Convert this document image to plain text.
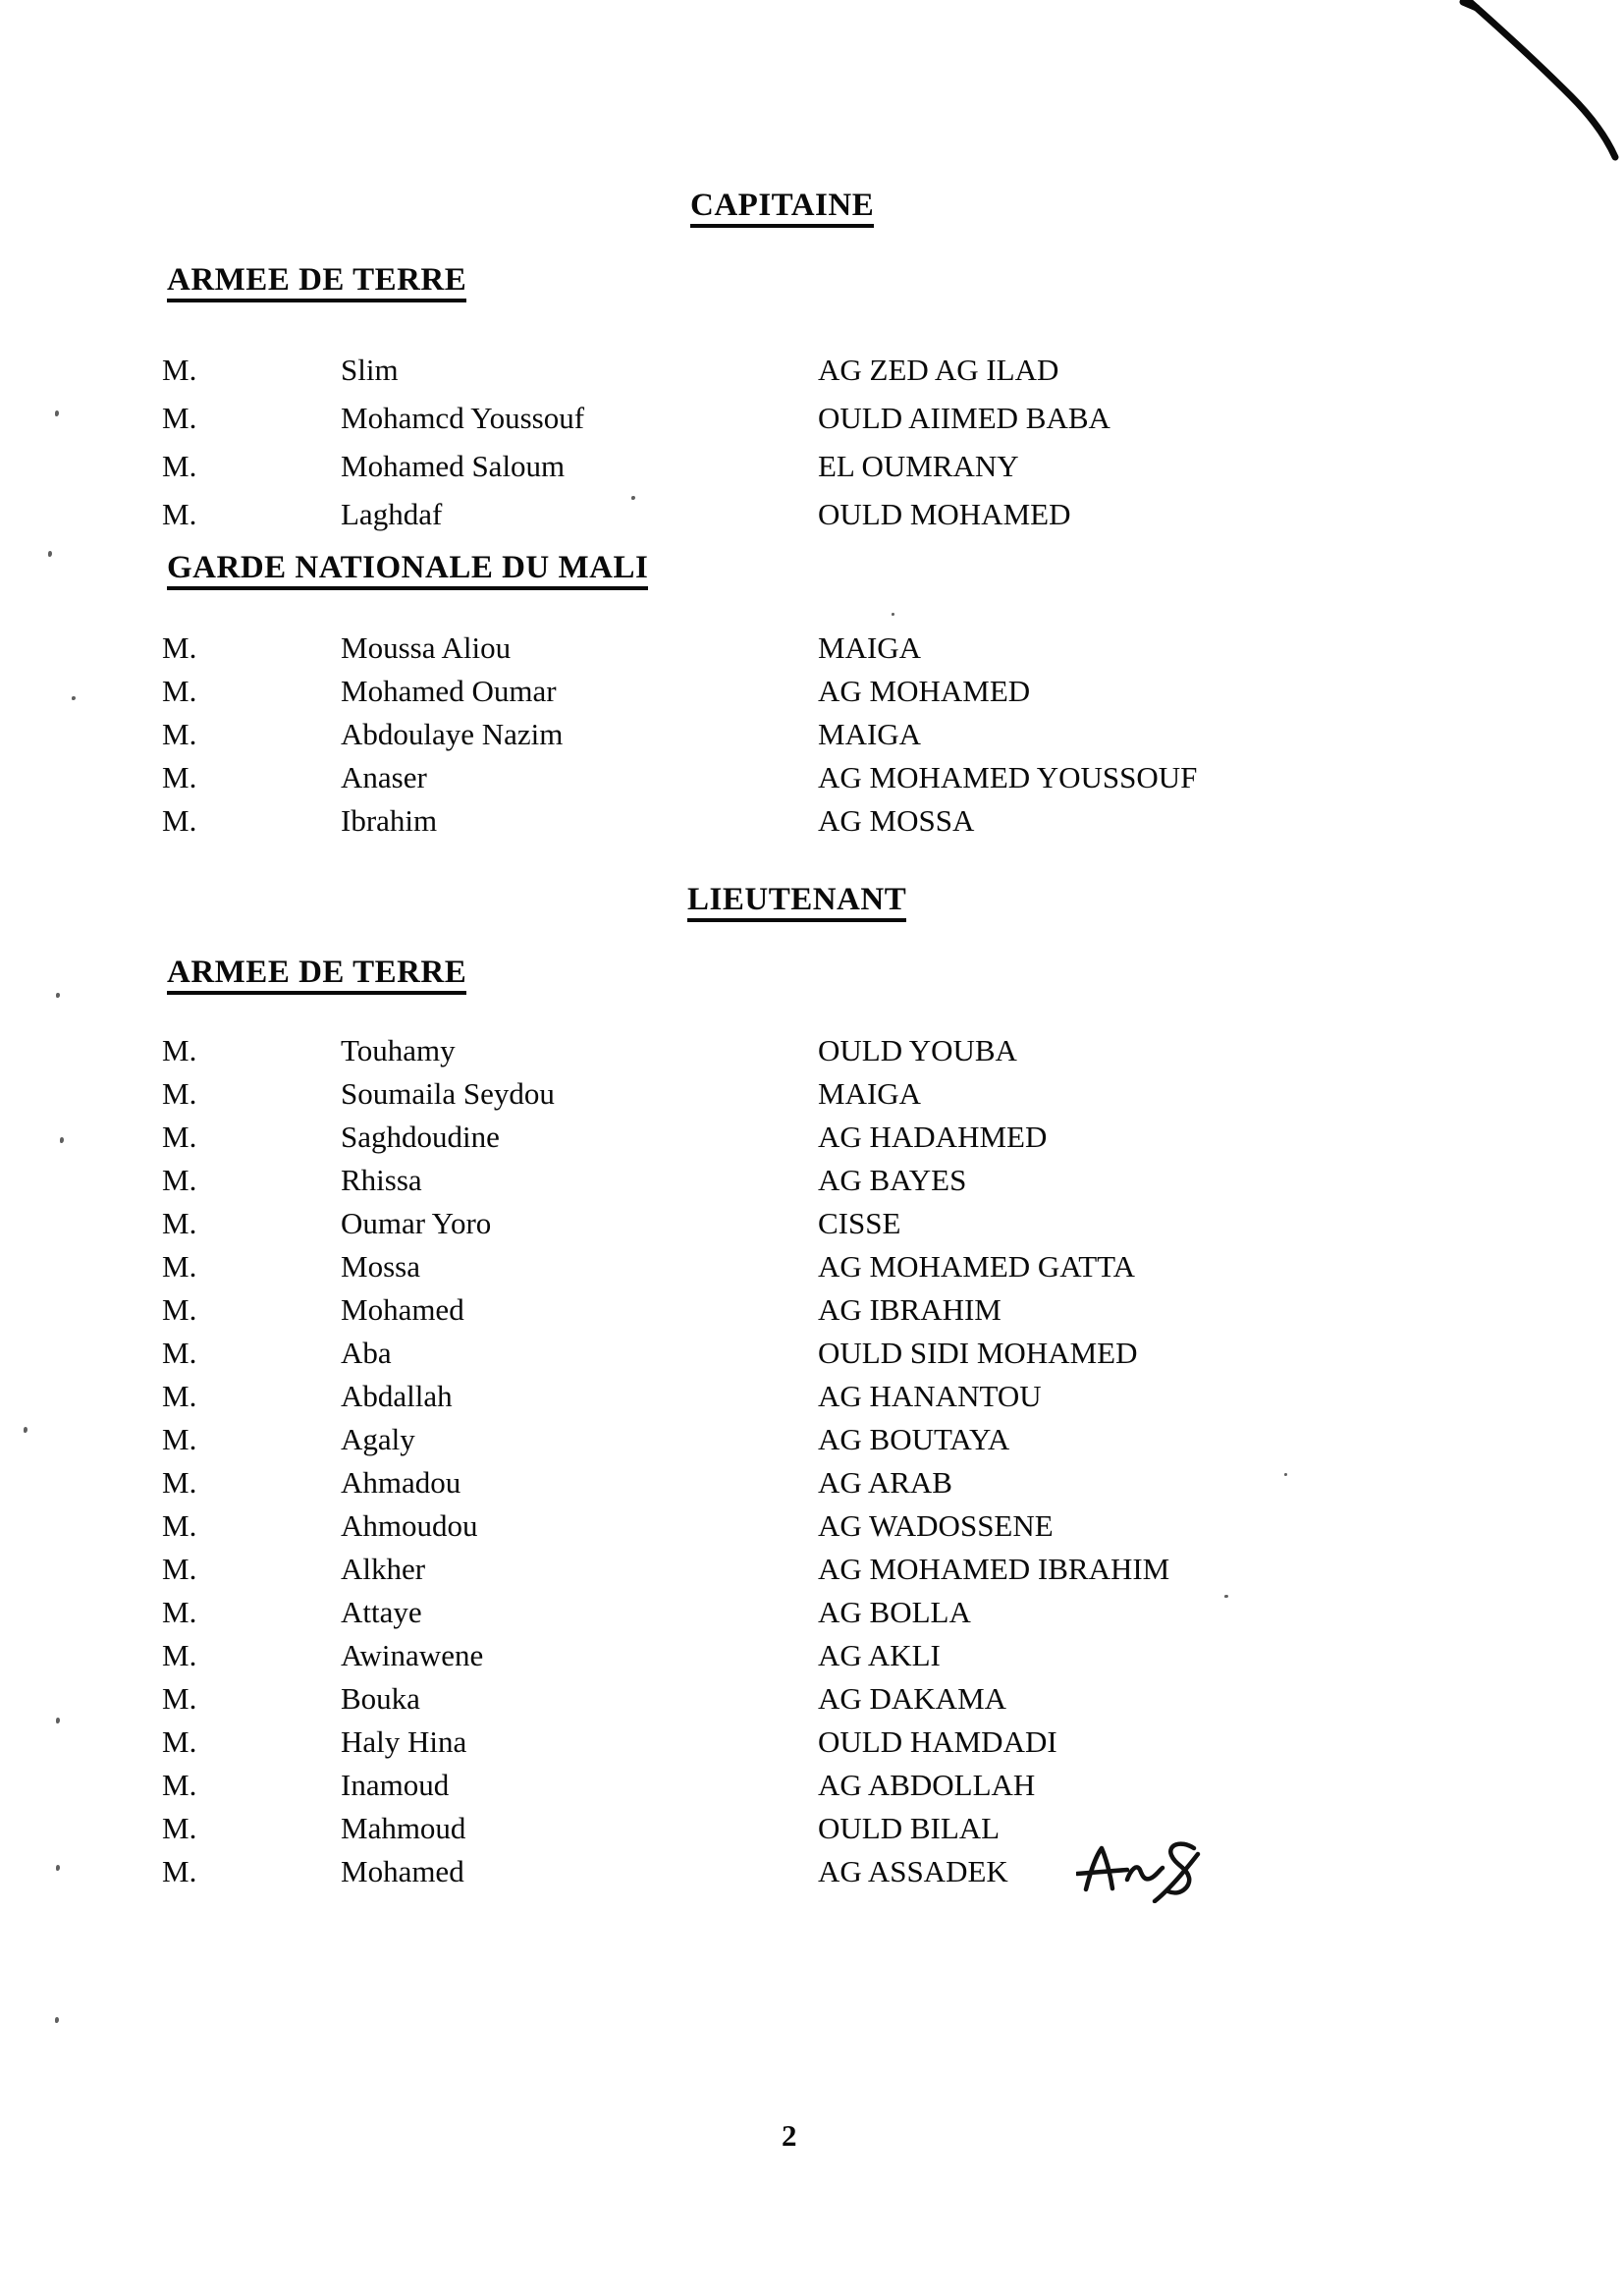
CAPITAINE
ARMEE DE TERRE
M.	Slim	AG ZED AG ILAD
M.	Mohamcd Youssouf	OULD AIIMED BABA
M.	Mohamed Saloum	EL OUMRANY
M.	Laghdaf	OULD MOHAMED
GARDE NATIONALE DU MALI
M.	Moussa Aliou	MAIGA
M.	Mohamed Oumar	AG MOHAMED
M.	Abdoulaye Nazim	MAIGA
M.	Anaser	AG MOHAMED YOUSSOUF
M.	Ibrahim	AG MOSSA
LIEUTENANT
ARMEE DE TERRE
M.	Touhamy	OULD YOUBA
M.	Soumaila Seydou	MAIGA
M.	Saghdoudine	AG HADAHMED
M.	Rhissa	AG BAYES
M.	Oumar Yoro	CISSE
M.	Mossa	AG MOHAMED GATTA
M.	Mohamed	AG IBRAHIM
M.	Aba	OULD SIDI MOHAMED
M.	Abdallah	AG HANANTOU
M.	Agaly	AG BOUTAYA
M.	Ahmadou	AG ARAB
M.	Ahmoudou	AG WADOSSENE
M.	Alkher	AG MOHAMED IBRAHIM
M.	Attaye	AG BOLLA
M.	Awinawene	AG AKLI
M.	Bouka	AG DAKAMA
M.	Haly Hina	OULD HAMDADI
M.	Inamoud	AG ABDOLLAH
M.	Mahmoud	OULD BILAL
M.	Mohamed	AG ASSADEK
2
